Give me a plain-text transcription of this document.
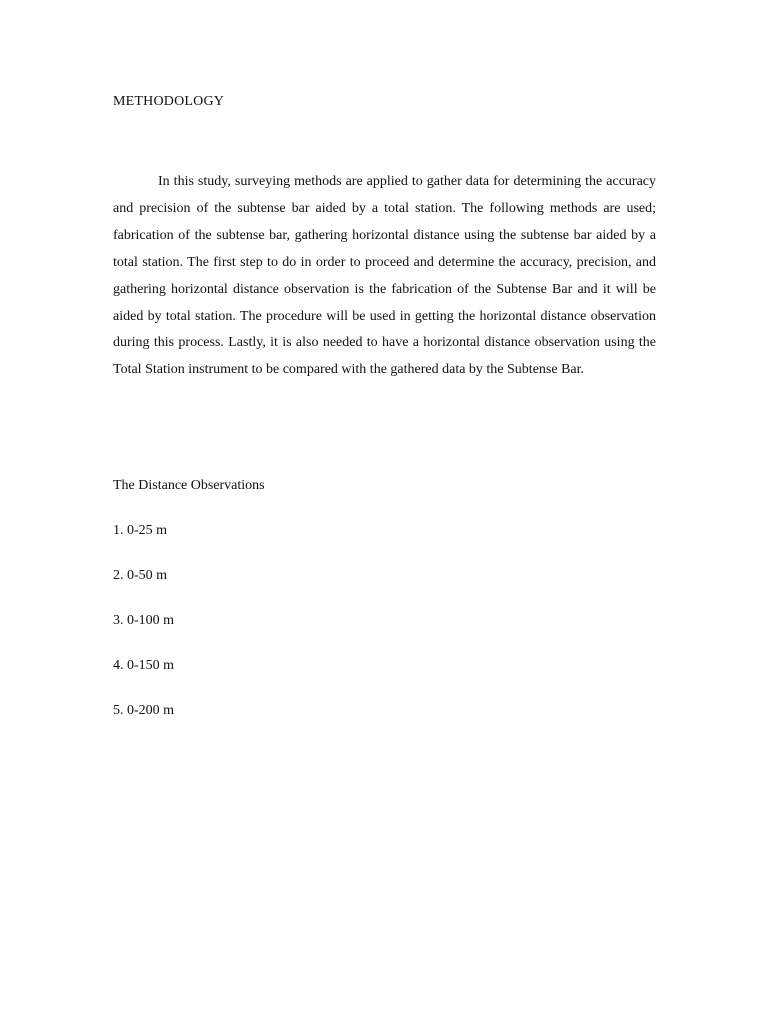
METHODOLOGY

In this study, surveying methods are applied to gather data for determining the accuracy and precision of the subtense bar aided by a total station. The following methods are used; fabrication of the subtense bar, gathering horizontal distance using the subtense bar aided by a total station. The first step to do in order to proceed and determine the accuracy, precision, and gathering horizontal distance observation is the fabrication of the Subtense Bar and it will be aided by total station. The procedure will be used in getting the horizontal distance observation during this process. Lastly, it is also needed to have a horizontal distance observation using the Total Station instrument to be compared with the gathered data by the Subtense Bar.

The Distance Observations
1. 0-25 m
2. 0-50 m
3. 0-100 m
4. 0-150 m
5. 0-200 m
